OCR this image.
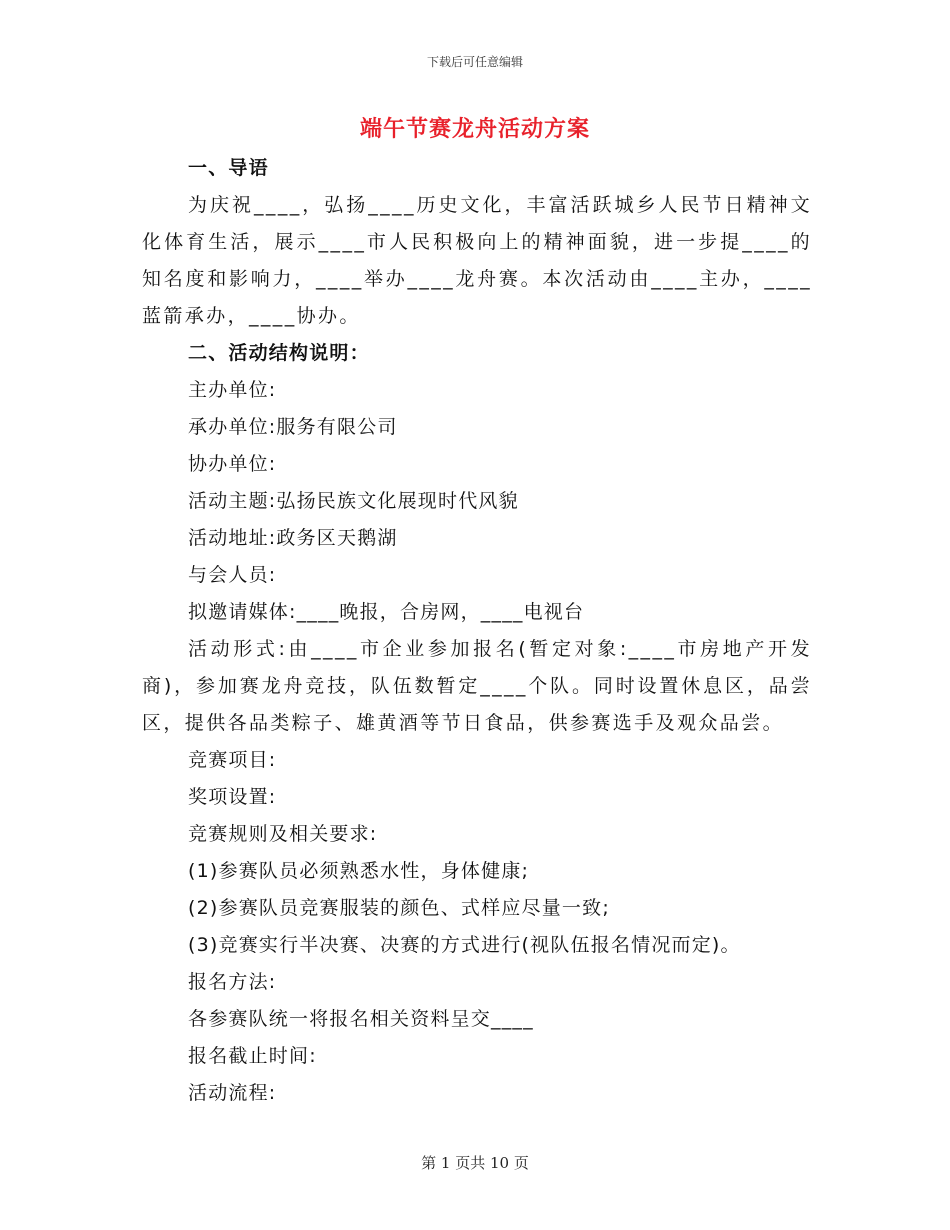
下载后可任意编辑
端午节赛龙舟活动方案

一、导语

为庆祝____，弘扬____历史文化，丰富活跃城乡人民节日精神文化体育生活，展示____市人民积极向上的精神面貌，进一步提____的知名度和影响力，____举办____龙舟赛。本次活动由____主办，____蓝箭承办，____协办。

二、活动结构说明：

主办单位:

承办单位:服务有限公司

协办单位:

活动主题:弘扬民族文化展现时代风貌

活动地址:政务区天鹅湖

与会人员:

拟邀请媒体:____晚报，合房网，____电视台

活动形式:由____市企业参加报名(暂定对象:____市房地产开发商)，参加赛龙舟竞技，队伍数暂定____个队。同时设置休息区，品尝区，提供各品类粽子、雄黄酒等节日食品，供参赛选手及观众品尝。

竞赛项目:

奖项设置:

竞赛规则及相关要求:

(1)参赛队员必须熟悉水性，身体健康;

(2)参赛队员竞赛服装的颜色、式样应尽量一致;

(3)竞赛实行半决赛、决赛的方式进行(视队伍报名情况而定)。

报名方法:

各参赛队统一将报名相关资料呈交____

报名截止时间:

活动流程:

第 1 页共 10 页
